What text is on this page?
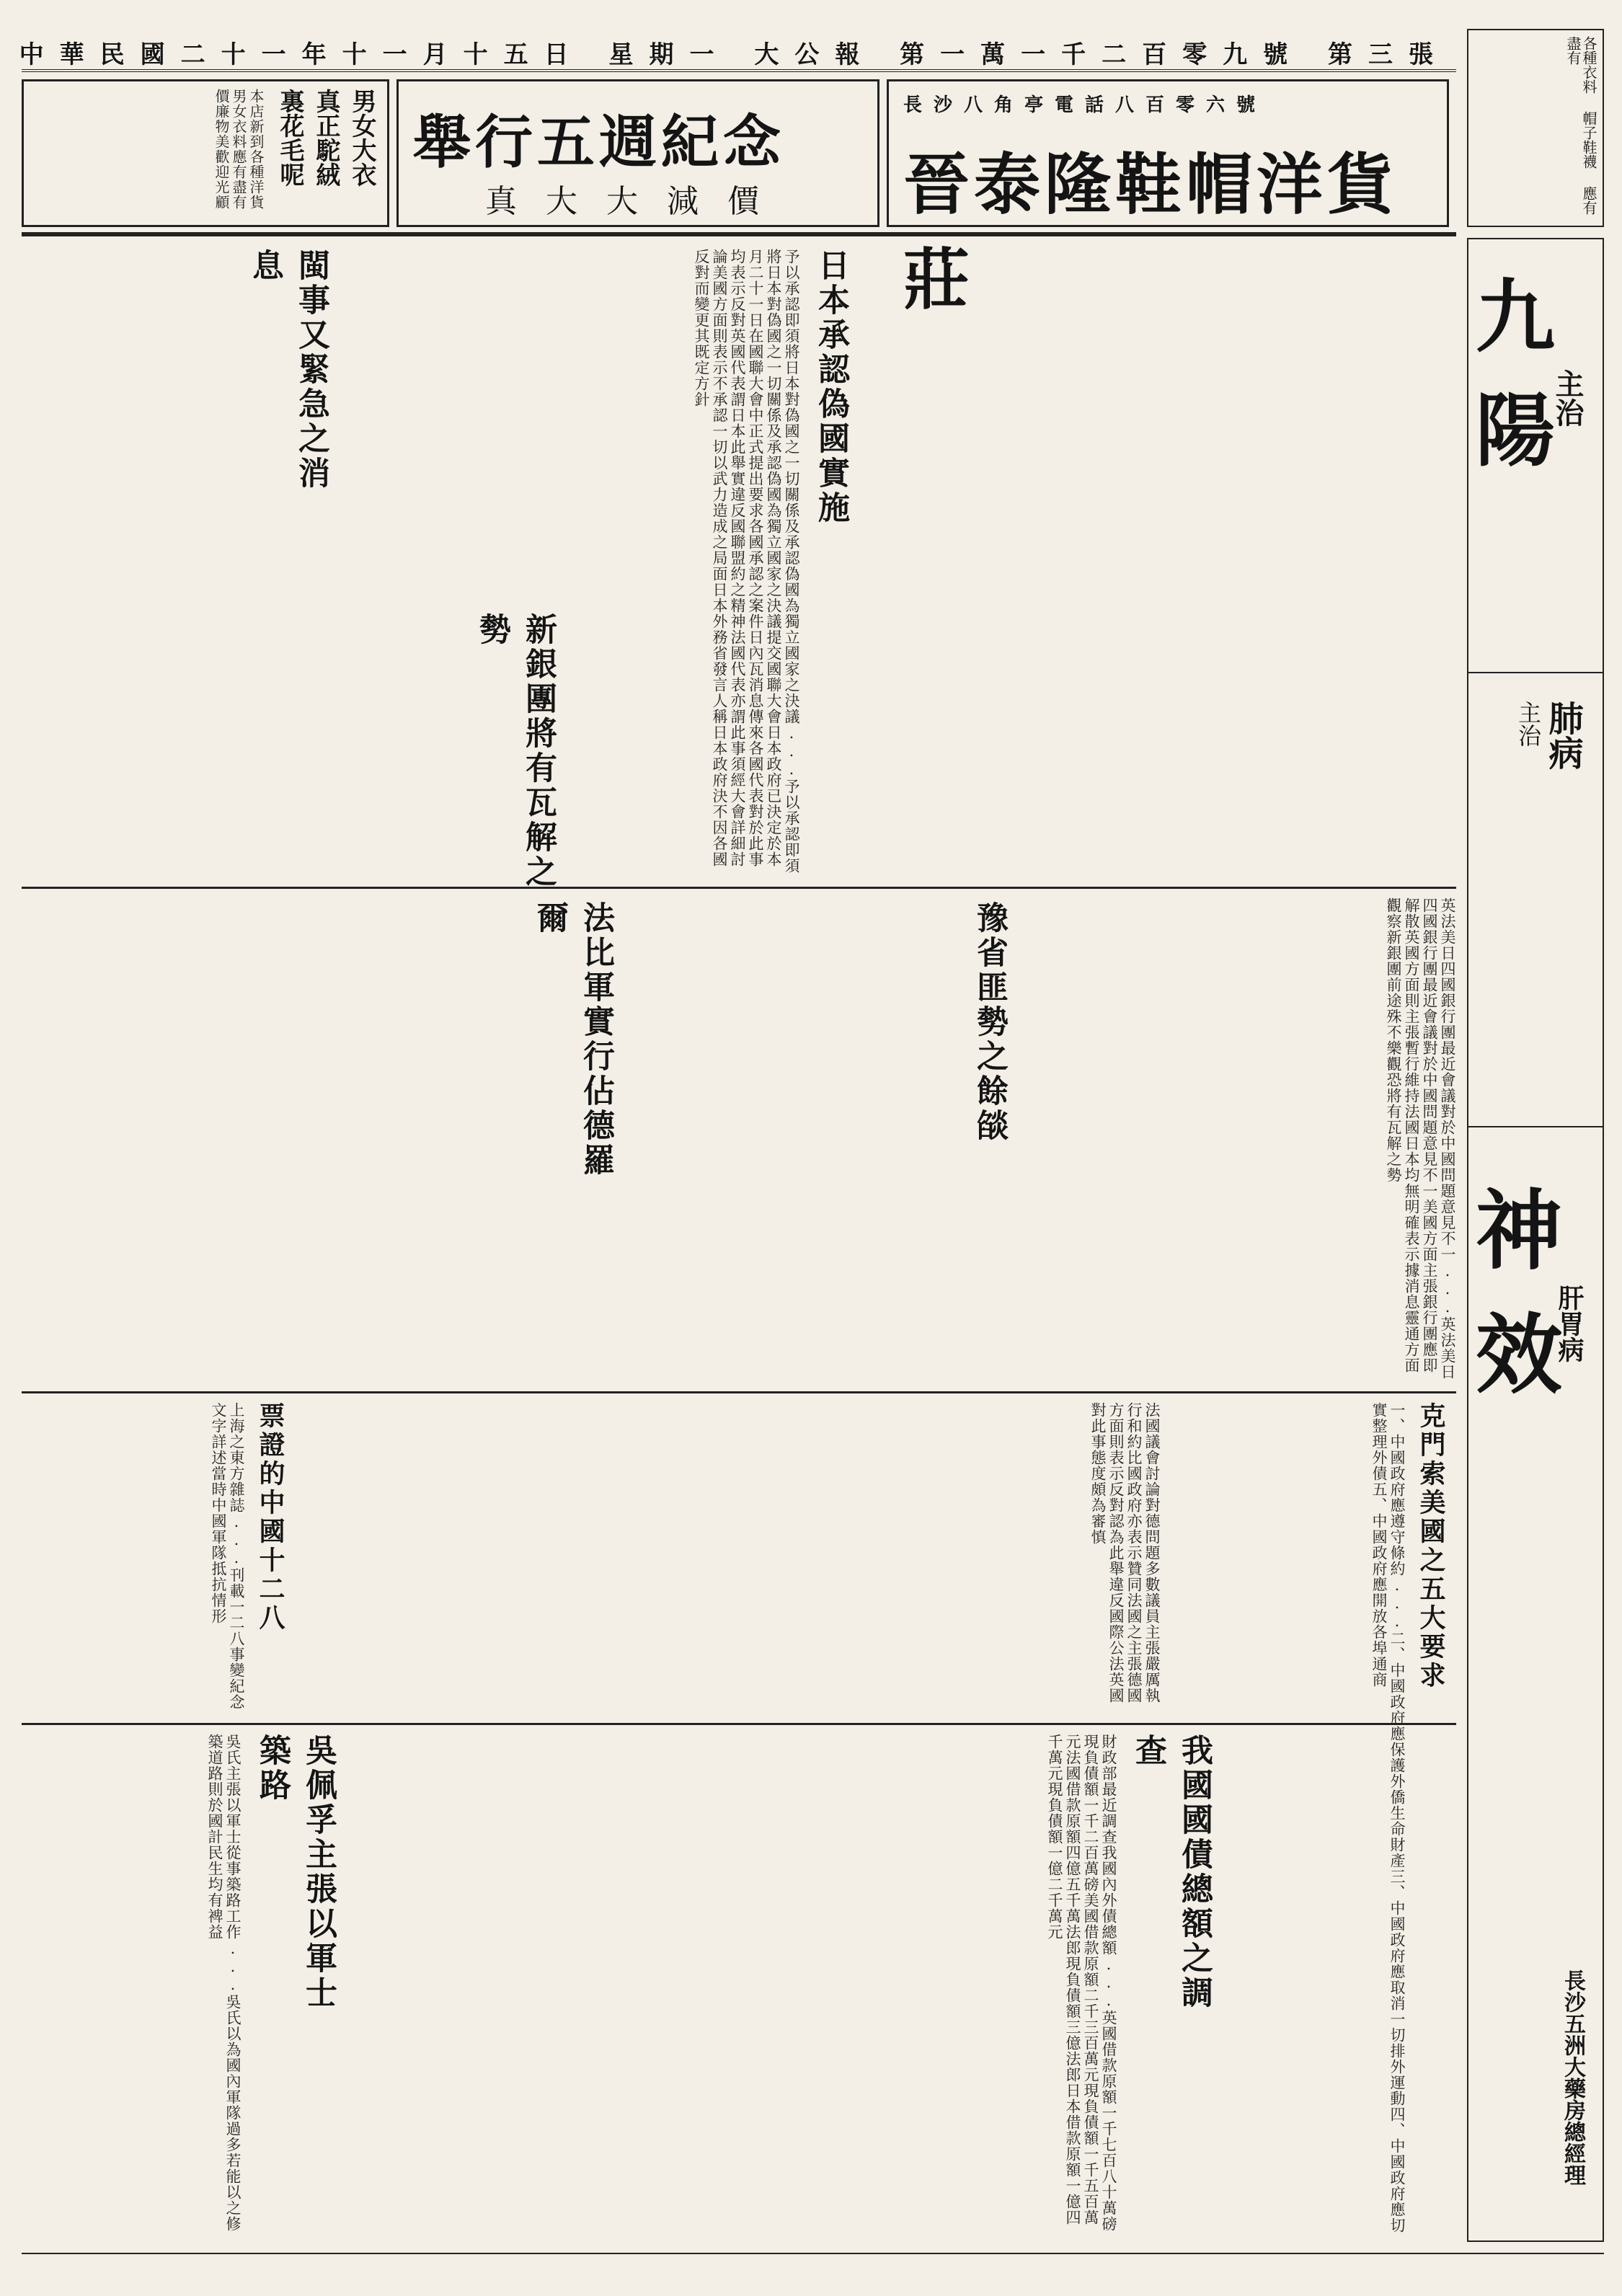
中華民國二十一年十一月十五日 星期一 大公報 第一萬一千二百零九號 第三張
長沙八角亭電話八百零六號
晉泰隆鞋帽洋貨莊
舉行五週紀念
真大大減價
男女大衣
真正駝絨
裏花毛呢
本店新到各種洋貨男女衣料應有盡有價廉物美歡迎光顧	各種衣料 帽子鞋襪 應有盡有
九陽
主治
肺病
主治
神效
肝胃病
長沙五洲大藥房總經理
日本承認偽國實施
予以承認即須將日本對偽國之一切關係及承認偽國為獨立國家之決議...予以承認即須將日本對偽國之一切關係及承認偽國為獨立國家之決議提交國聯大會日本政府已決定於本月二十一日在國聯大會中正式提出要求各國承認之案件日內瓦消息傳來各國代表對於此事均表示反對英國代表謂日本此舉實違反國聯盟約之精神法國代表亦謂此事須經大會詳細討論美國方面則表示不承認一切以武力造成之局面日本外務省發言人稱日本政府決不因各國反對而變更其既定方針
閩事又緊急之消息
新銀團將有瓦解之勢
英法美日四國銀行團最近會議對於中國問題意見不一...英法美日四國銀行團最近會議對於中國問題意見不一美國方面主張銀行團應即解散英國方面則主張暫行維持法國日本均無明確表示據消息靈通方面觀察新銀團前途殊不樂觀恐將有瓦解之勢
法比軍實行佔德羅爾	豫省匪勢之餘燄
克門索美國之五大要求
一、中國政府應遵守條約...二、中國政府應保護外僑生命財產三、中國政府應取消一切排外運動四、中國政府應切實整理外債五、中國政府應開放各埠通商
我國國債總額之調查
財政部最近調查我國內外債總額...英國借款原額一千七百八十萬磅現負債額一千二百萬磅美國借款原額二千三百萬元現負債額一千五百萬元法國借款原額四億五千萬法郎現負債額三億法郎日本借款原額一億四千萬元現負債額一億二千萬元
吳佩孚主張以軍士築路
吳氏主張以軍士從事築路工作...吳氏以為國內軍隊過多若能以之修築道路則於國計民生均有裨益
票證的中國十二八
上海之東方雜誌...刊載一二八事變紀念文字詳述當時中國軍隊抵抗情形	法國議會討論對德問題多數議員主張嚴厲執行和約比國政府亦表示贊同法國之主張德國方面則表示反對認為此舉違反國際公法英國對此事態度頗為審慎
